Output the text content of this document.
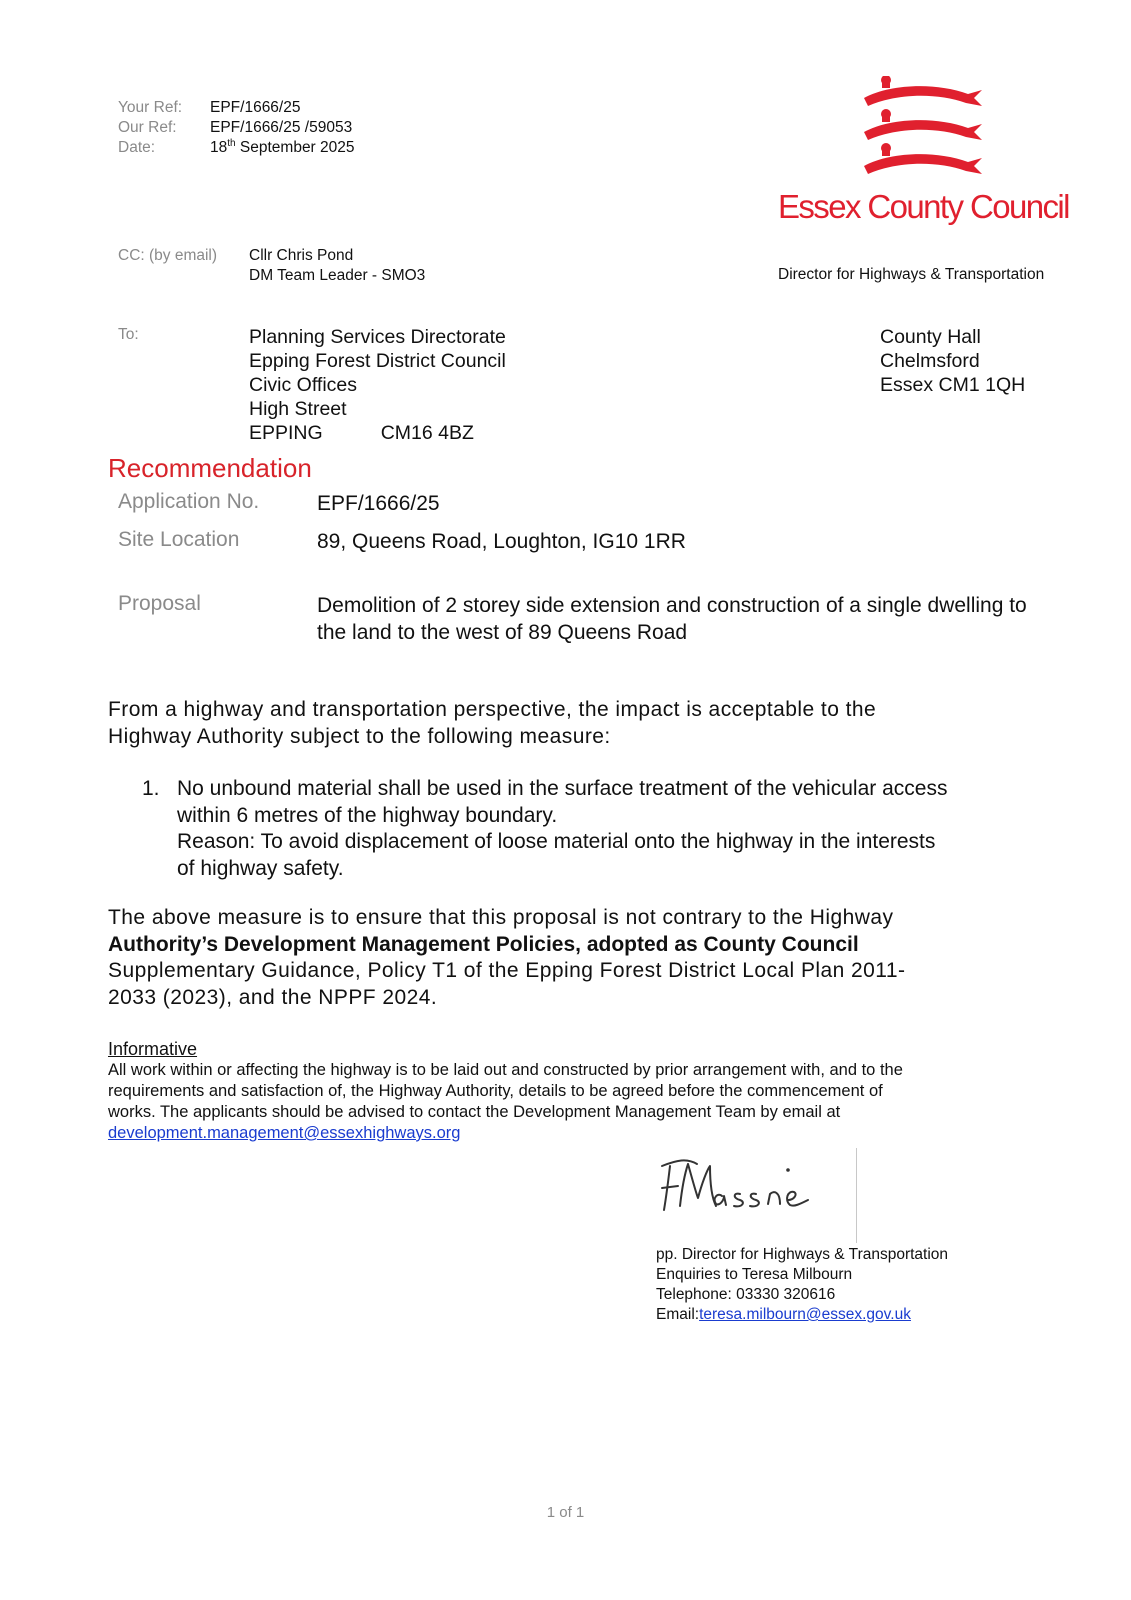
Your Ref:	EPF/1666/25
Our Ref:	EPF/1666/25 /59053
Date:	18th September 2025
Essex County Council
CC: (by email)	Cllr Chris Pond
DM Team Leader - SMO3	Director for Highways & Transportation
To:	Planning Services Directorate
Epping Forest District Council
Civic Offices
High Street
EPPING	CM16 4BZ
County Hall
Chelmsford
Essex CM1 1QH
Recommendation
Application No.	EPF/1666/25
Site Location	89, Queens Road, Loughton, IG10 1RR
Proposal	Demolition of 2 storey side extension and construction of a single dwelling to
the land to the west of 89 Queens Road
From a highway and transportation perspective, the impact is acceptable to the
Highway Authority subject to the following measure:
1. No unbound material shall be used in the surface treatment of the vehicular access
within 6 metres of the highway boundary.
Reason: To avoid displacement of loose material onto the highway in the interests
of highway safety.
The above measure is to ensure that this proposal is not contrary to the Highway
Authority’s Development Management Policies, adopted as County Council
Supplementary Guidance, Policy T1 of the Epping Forest District Local Plan 2011-
2033 (2023), and the NPPF 2024.
Informative
All work within or affecting the highway is to be laid out and constructed by prior arrangement with, and to the
requirements and satisfaction of, the Highway Authority, details to be agreed before the commencement of
works. The applicants should be advised to contact the Development Management Team by email at
development.management@essexhighways.org
pp. Director for Highways & Transportation
Enquiries to Teresa Milbourn
Telephone: 03330 320616
Email:teresa.milbourn@essex.gov.uk
1 of 1
